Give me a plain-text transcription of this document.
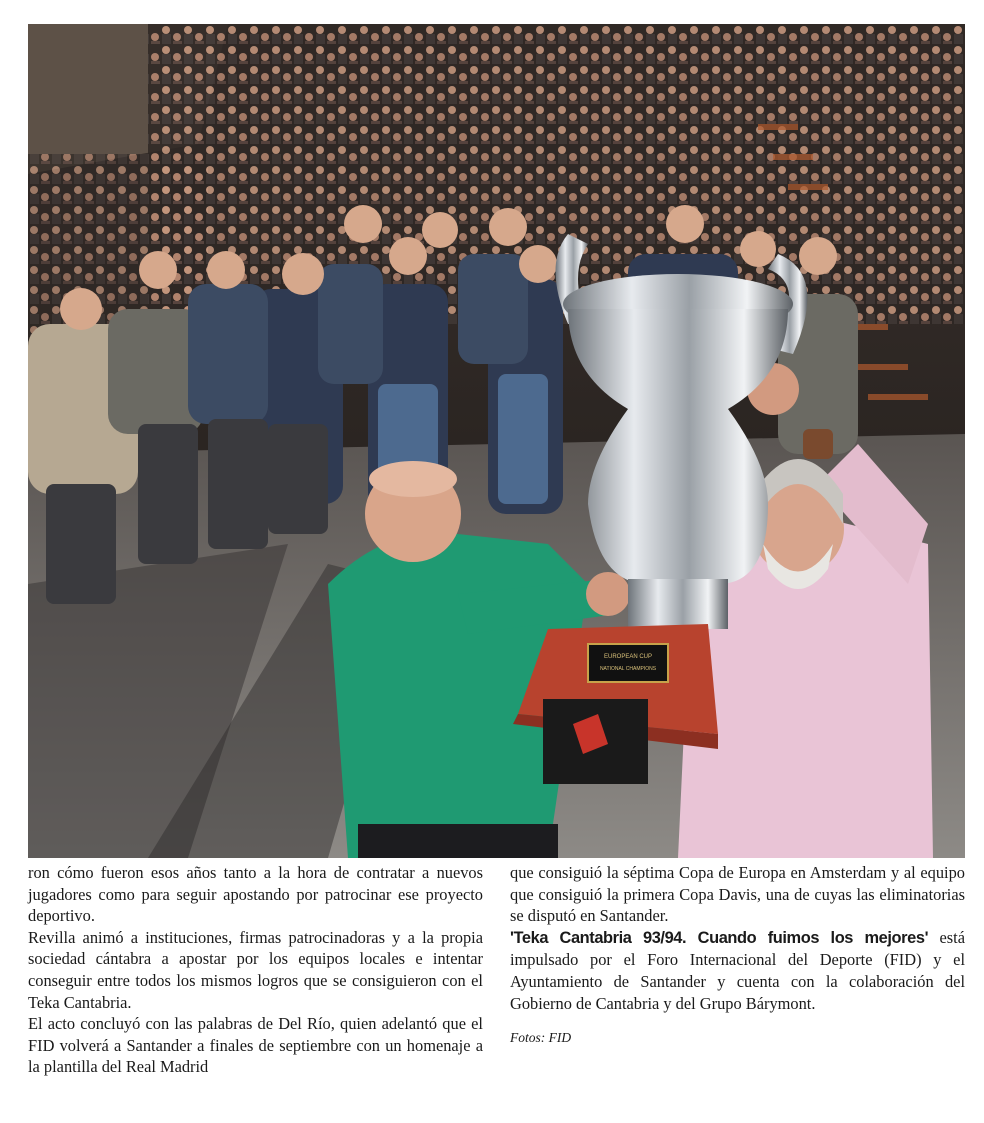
EUROPEAN CUP
NATIONAL CHAMPIONS

ron cómo fueron esos años tanto a la hora de contratar a nuevos jugadores como para seguir apostando por patrocinar ese proyecto deportivo.

Revilla animó a instituciones, firmas patrocinadoras y a la propia sociedad cántabra a apostar por los equipos locales e intentar conseguir entre todos los mismos logros que se consiguieron con el Teka Cantabria.

El acto concluyó con las palabras de Del Río, quien adelantó que el FID volverá a Santander a finales de septiembre con un homenaje a la plantilla del Real Madrid

que consiguió la séptima Copa de Europa en Amsterdam y al equipo que consiguió la primera Copa Davis, una de cuyas las eliminatorias se disputó en Santander.

'Teka Cantabria 93/94. Cuando fuimos los mejores' está impulsado por el Foro Internacional del Deporte (FID) y el Ayuntamiento de Santander y cuenta con la colaboración del Gobierno de Cantabria y del Grupo Bárymont.

Fotos: FID
